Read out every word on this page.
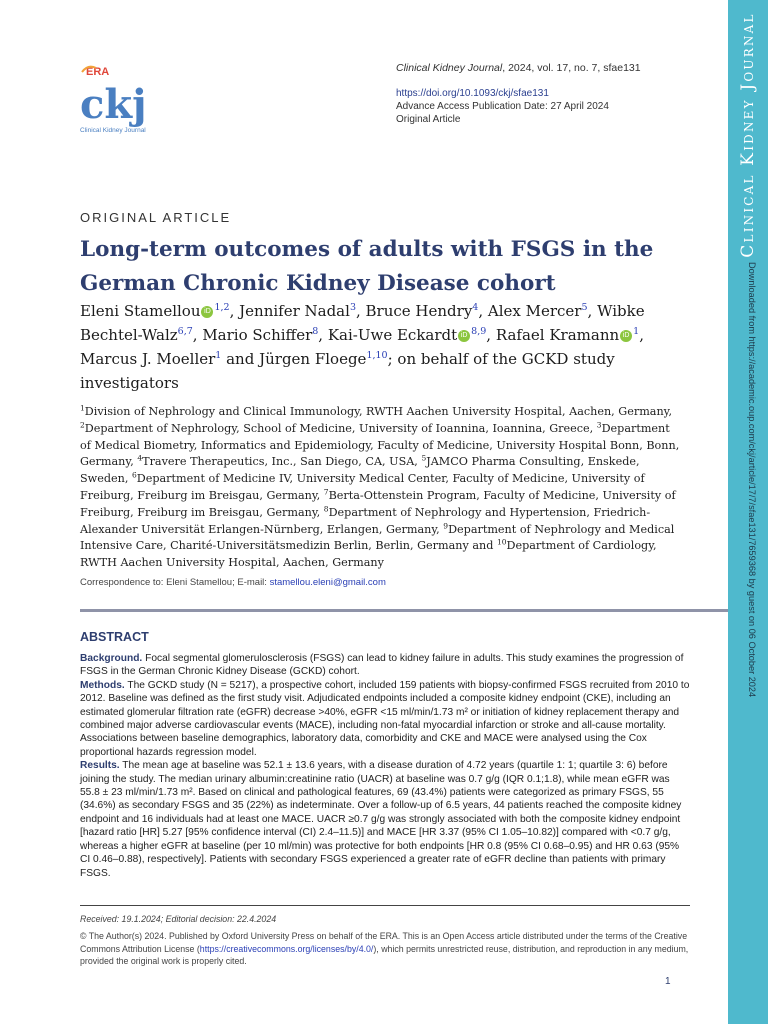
ERA
ckj
Clinical Kidney Journal
Clinical Kidney Journal, 2024, vol. 17, no. 7, sfae131
https://doi.org/10.1093/ckj/sfae131
Advance Access Publication Date: 27 April 2024
Original Article	Clinical Kidney Journal
Downloaded from https://academic.oup.com/ckj/article/17/7/sfae131/7659368 by guest on 06 October 2024
ORIGINAL ARTICLE
Long-term outcomes of adults with FSGS in the German Chronic Kidney Disease cohort
Eleni Stamellou iD $^{1,2}$, Jennifer Nadal$^3$, Bruce Hendry$^4$, Alex Mercer$^5$, Wibke Bechtel-Walz$^{6,7}$, Mario Schiffer$^8$, Kai-Uwe Eckardt iD $^{8,9}$, Rafael Kramann iD $^1$, Marcus J. Moeller$^1$ and Jürgen Floege$^{1,10}$; on behalf of the GCKD study investigators
$^1$Division of Nephrology and Clinical Immunology, RWTH Aachen University Hospital, Aachen, Germany, $^2$Department of Nephrology, School of Medicine, University of Ioannina, Ioannina, Greece, $^3$Department of Medical Biometry, Informatics and Epidemiology, Faculty of Medicine, University Hospital Bonn, Bonn, Germany, $^4$Travere Therapeutics, Inc., San Diego, CA, USA, $^5$JAMCO Pharma Consulting, Enskede, Sweden, $^6$Department of Medicine IV, University Medical Center, Faculty of Medicine, University of Freiburg, Freiburg im Breisgau, Germany, $^7$Berta-Ottenstein Program, Faculty of Medicine, University of Freiburg, Freiburg im Breisgau, Germany, $^8$Department of Nephrology and Hypertension, Friedrich-Alexander Universität Erlangen-Nürnberg, Erlangen, Germany, $^9$Department of Nephrology and Medical Intensive Care, Charité-Universitätsmedizin Berlin, Berlin, Germany and $^{10}$Department of Cardiology, RWTH Aachen University Hospital, Aachen, Germany
Correspondence to: Eleni Stamellou; E-mail: stamellou.eleni@gmail.com
ABSTRACT

Background. Focal segmental glomerulosclerosis (FSGS) can lead to kidney failure in adults. This study examines the progression of FSGS in the German Chronic Kidney Disease (GCKD) cohort.

Methods. The GCKD study (N = 5217), a prospective cohort, included 159 patients with biopsy-confirmed FSGS recruited from 2010 to 2012. Baseline was defined as the first study visit. Adjudicated endpoints included a composite kidney endpoint (CKE), including an estimated glomerular filtration rate (eGFR) decrease >40%, eGFR <15 ml/min/1.73 m² or initiation of kidney replacement therapy and combined major adverse cardiovascular events (MACE), including non-fatal myocardial infarction or stroke and all-cause mortality. Associations between baseline demographics, laboratory data, comorbidity and CKE and MACE were analysed using the Cox proportional hazards regression model.

Results. The mean age at baseline was 52.1 ± 13.6 years, with a disease duration of 4.72 years (quartile 1: 1; quartile 3: 6) before joining the study. The median urinary albumin:creatinine ratio (UACR) at baseline was 0.7 g/g (IQR 0.1;1.8), while mean eGFR was 55.8 ± 23 ml/min/1.73 m². Based on clinical and pathological features, 69 (43.4%) patients were categorized as primary FSGS, 55 (34.6%) as secondary FSGS and 35 (22%) as indeterminate. Over a follow-up of 6.5 years, 44 patients reached the composite kidney endpoint and 16 individuals had at least one MACE. UACR ≥0.7 g/g was strongly associated with both the composite kidney endpoint [hazard ratio [HR] 5.27 [95% confidence interval (CI) 2.4–11.5)] and MACE [HR 3.37 (95% CI 1.05–10.82)] compared with <0.7 g/g, whereas a higher eGFR at baseline (per 10 ml/min) was protective for both endpoints [HR 0.8 (95% CI 0.68–0.95) and HR 0.63 (95% CI 0.46–0.88), respectively]. Patients with secondary FSGS experienced a greater rate of eGFR decline than patients with primary FSGS.

Received: 19.1.2024; Editorial decision: 22.4.2024
© The Author(s) 2024. Published by Oxford University Press on behalf of the ERA. This is an Open Access article distributed under the terms of the Creative Commons Attribution License (https://creativecommons.org/licenses/by/4.0/), which permits unrestricted reuse, distribution, and reproduction in any medium, provided the original work is properly cited.
1
